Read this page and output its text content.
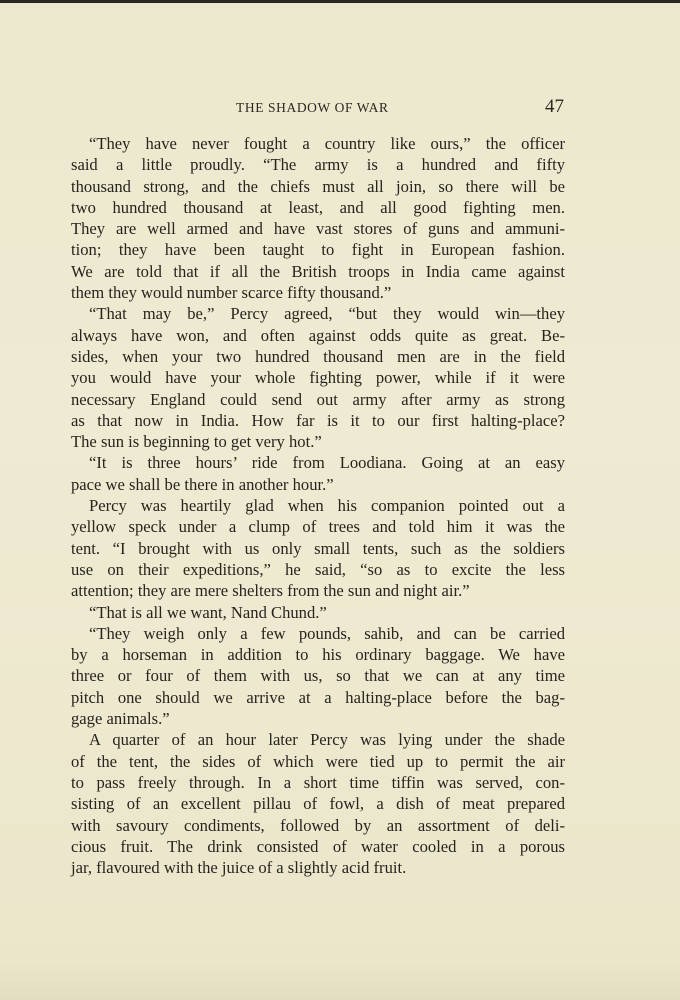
THE SHADOW OF WAR	47
“They have never fought a country like ours,” the officer
said a little proudly. “The army is a hundred and fifty
thousand strong, and the chiefs must all join, so there will be
two hundred thousand at least, and all good fighting men.
They are well armed and have vast stores of guns and ammuni-
tion; they have been taught to fight in European fashion.
We are told that if all the British troops in India came against
them they would number scarce fifty thousand.”
“That may be,” Percy agreed, “but they would win—they
always have won, and often against odds quite as great. Be-
sides, when your two hundred thousand men are in the field
you would have your whole fighting power, while if it were
necessary England could send out army after army as strong
as that now in India. How far is it to our first halting-place?
The sun is beginning to get very hot.”
“It is three hours’ ride from Loodiana. Going at an easy
pace we shall be there in another hour.”
Percy was heartily glad when his companion pointed out a
yellow speck under a clump of trees and told him it was the
tent. “I brought with us only small tents, such as the soldiers
use on their expeditions,” he said, “so as to excite the less
attention; they are mere shelters from the sun and night air.”
“That is all we want, Nand Chund.”
“They weigh only a few pounds, sahib, and can be carried
by a horseman in addition to his ordinary baggage. We have
three or four of them with us, so that we can at any time
pitch one should we arrive at a halting-place before the bag-
gage animals.”
A quarter of an hour later Percy was lying under the shade
of the tent, the sides of which were tied up to permit the air
to pass freely through. In a short time tiffin was served, con-
sisting of an excellent pillau of fowl, a dish of meat prepared
with savoury condiments, followed by an assortment of deli-
cious fruit. The drink consisted of water cooled in a porous
jar, flavoured with the juice of a slightly acid fruit.
